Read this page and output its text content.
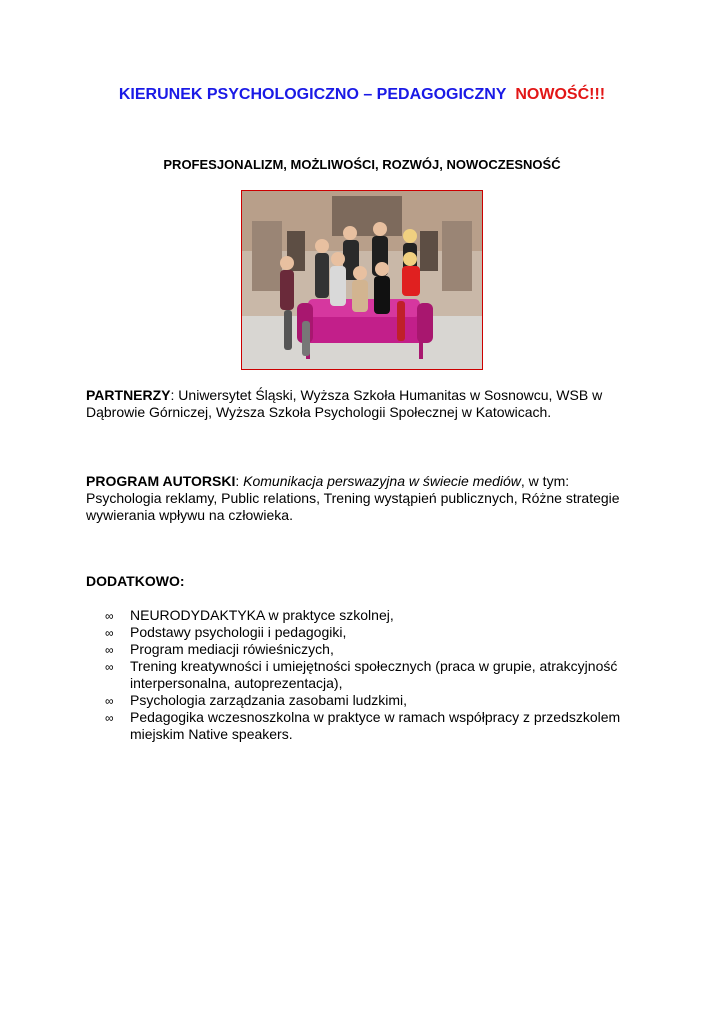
KIERUNEK PSYCHOLOGICZNO – PEDAGOGICZNY NOWOŚĆ!!!

PROFESJONALIZM, MOŻLIWOŚCI, ROZWÓJ, NOWOCZESNOŚĆ

PARTNERZY: Uniwersytet Śląski, Wyższa Szkoła Humanitas w Sosnowcu, WSB w Dąbrowie Górniczej, Wyższa Szkoła Psychologii Społecznej w Katowicach.

PROGRAM AUTORSKI: Komunikacja perswazyjna w świecie mediów, w tym: Psychologia reklamy, Public relations, Trening wystąpień publicznych, Różne strategie wywierania wpływu na człowieka.

DODATKOWO:

∞ NEURODYDAKTYKA w praktyce szkolnej,
∞ Podstawy psychologii i pedagogiki,
∞ Program mediacji rówieśniczych,
∞ Trening kreatywności i umiejętności społecznych (praca w grupie, atrakcyjność interpersonalna, autoprezentacja),
∞ Psychologia zarządzania zasobami ludzkimi,
∞ Pedagogika wczesnoszkolna w praktyce w ramach współpracy z przedszkolem miejskim Native speakers.
